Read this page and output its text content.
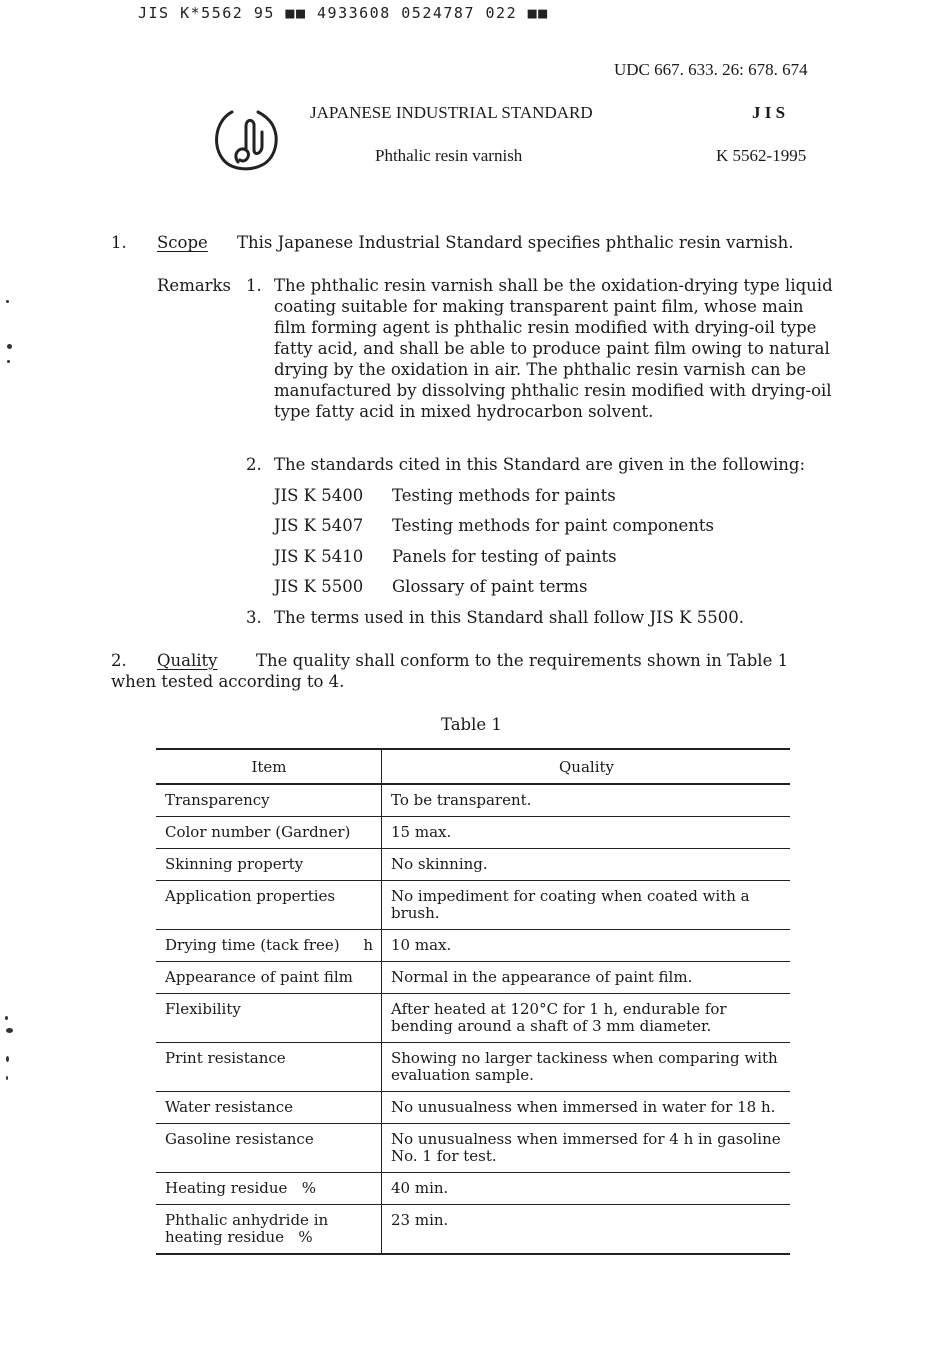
JIS K*5562 95 ■■ 4933608 0524787 022 ■■
UDC 667. 633. 26: 678. 674
JAPANESE INDUSTRIAL STANDARD	J I S
Phthalic resin varnish	K 5562-1995
1. Scope This Japanese Industrial Standard specifies phthalic resin varnish.
Remarks 1. The phthalic resin varnish shall be the oxidation-drying type liquid coating suitable for making transparent paint film, whose main film forming agent is phthalic resin modified with drying-oil type fatty acid, and shall be able to produce paint film owing to natural drying by the oxidation in air. The phthalic resin varnish can be manufactured by dissolving phthalic resin modified with drying-oil type fatty acid in mixed hydrocarbon solvent.
2. The standards cited in this Standard are given in the following:
JIS K 5400 Testing methods for paints
JIS K 5407 Testing methods for paint components
JIS K 5410 Panels for testing of paints
JIS K 5500 Glossary of paint terms
3. The terms used in this Standard shall follow JIS K 5500.
2. Quality The quality shall conform to the requirements shown in Table 1
when tested according to 4.
Table 1
Item	Quality
Transparency	To be transparent.
Color number (Gardner)	15 max.
Skinning property	No skinning.
Application properties	No impediment for coating when coated with a brush.

Drying time (tack free) h	10 max.
Appearance of paint film	Normal in the appearance of paint film.
Flexibility	After heated at 120°C for 1 h, endurable for bending around a shaft of 3 mm diameter.
Print resistance	Showing no larger tackiness when comparing with evaluation sample.
Water resistance	No unusualness when immersed in water for 18 h.
Gasoline resistance	No unusualness when immersed for 4 h in gasoline No. 1 for test.
Heating residue %	40 min.

Phthalic anhydride in
heating residue %	23 min.
